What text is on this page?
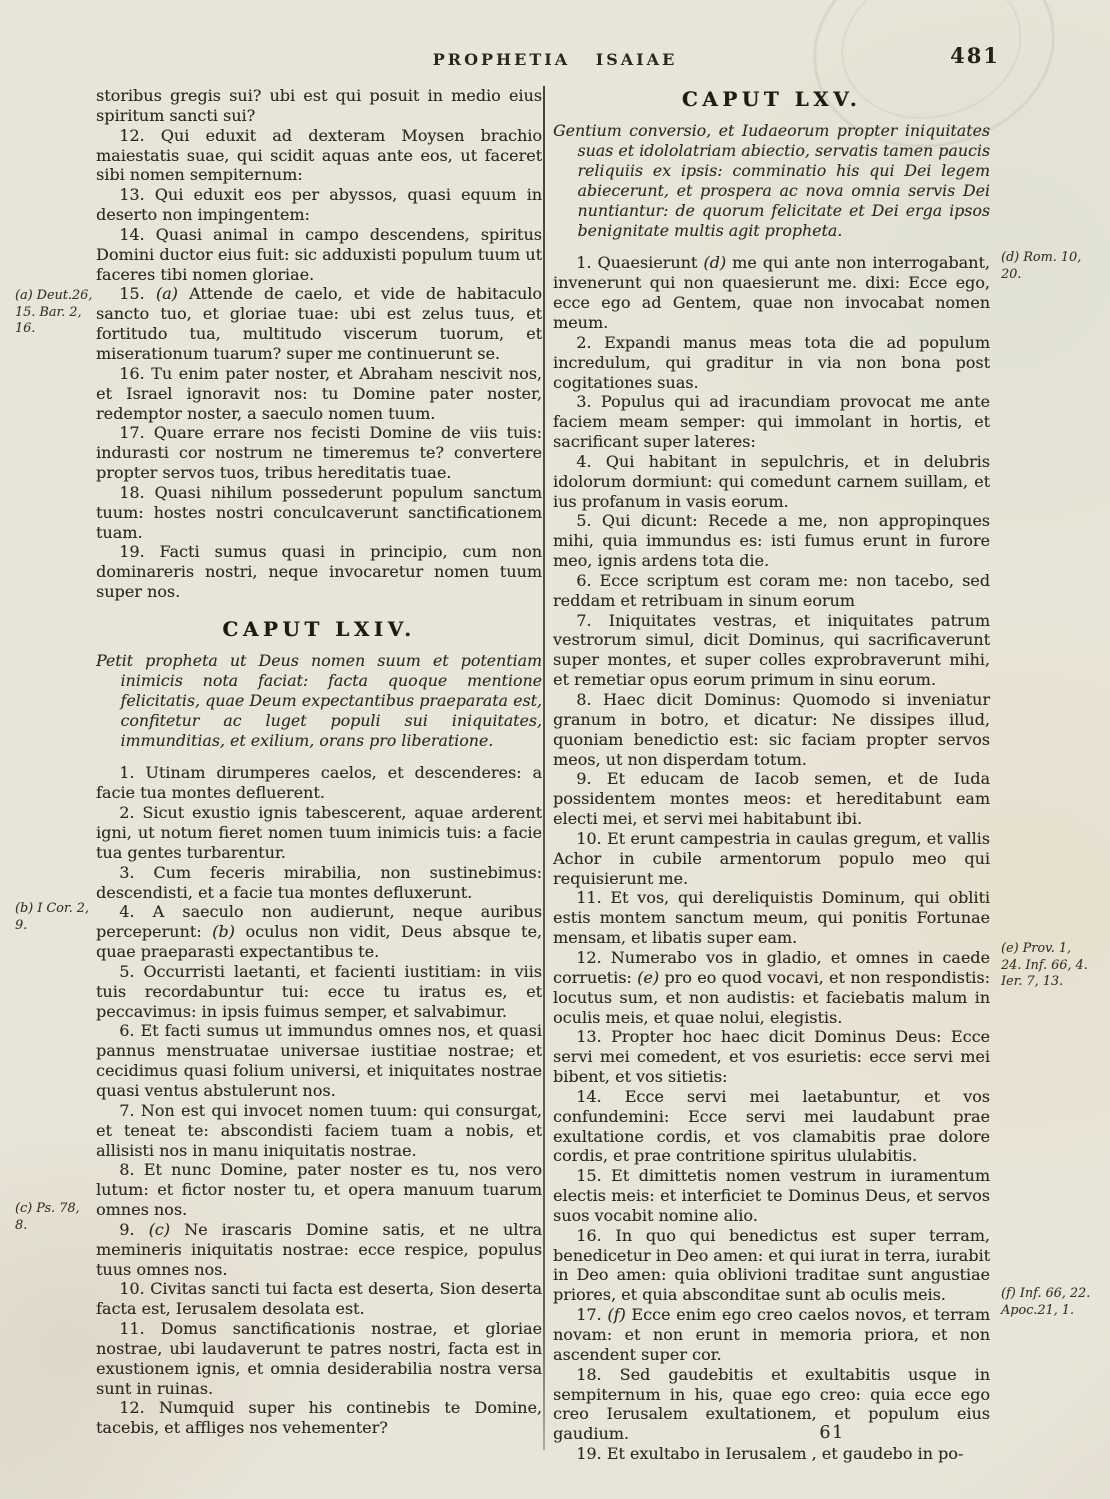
PROPHETIA ISAIAE	481

storibus gregis sui? ubi est qui posuit in medio eius spiritum sancti sui?

12. Qui eduxit ad dexteram Moysen brachio maiestatis suae, qui scidit aquas ante eos, ut faceret sibi nomen sempiternum:

13. Qui eduxit eos per abyssos, quasi equum in deserto non impingentem:

14. Quasi animal in campo descendens, spiritus Domini ductor eius fuit: sic adduxisti populum tuum ut faceres tibi nomen gloriae.

15. (a) Attende de caelo, et vide de habitaculo sancto tuo, et gloriae tuae: ubi est zelus tuus, et fortitudo tua, multitudo viscerum tuorum, et miserationum tuarum? super me continuerunt se.

16. Tu enim pater noster, et Abraham nescivit nos, et Israel ignoravit nos: tu Domine pater noster, redemptor noster, a saeculo nomen tuum.

17. Quare errare nos fecisti Domine de viis tuis: indurasti cor nostrum ne timeremus te? convertere propter servos tuos, tribus hereditatis tuae.

18. Quasi nihilum possederunt populum sanctum tuum: hostes nostri conculcaverunt sanctificationem tuam.

19. Facti sumus quasi in principio, cum non dominareris nostri, neque invocaretur nomen tuum super nos.

CAPUT LXIV.

Petit propheta ut Deus nomen suum et potentiam inimicis nota faciat: facta quoque mentione felicitatis, quae Deum expectantibus praeparata est, confitetur ac luget populi sui iniquitates, immunditias, et exilium, orans pro liberatione.

1. Utinam dirumperes caelos, et descenderes: a facie tua montes defluerent.

2. Sicut exustio ignis tabescerent, aquae arderent igni, ut notum fieret nomen tuum inimicis tuis: a facie tua gentes turbarentur.

3. Cum feceris mirabilia, non sustinebimus: descendisti, et a facie tua montes defluxerunt.

4. A saeculo non audierunt, neque auribus perceperunt: (b) oculus non vidit, Deus absque te, quae praeparasti expectantibus te.

5. Occurristi laetanti, et facienti iustitiam: in viis tuis recordabuntur tui: ecce tu iratus es, et peccavimus: in ipsis fuimus semper, et salvabimur.

6. Et facti sumus ut immundus omnes nos, et quasi pannus menstruatae universae iustitiae nostrae; et cecidimus quasi folium universi, et iniquitates nostrae quasi ventus abstulerunt nos.

7. Non est qui invocet nomen tuum: qui consurgat, et teneat te: abscondisti faciem tuam a nobis, et allisisti nos in manu iniquitatis nostrae.

8. Et nunc Domine, pater noster es tu, nos vero lutum: et fictor noster tu, et opera manuum tuarum omnes nos.

9. (c) Ne irascaris Domine satis, et ne ultra memineris iniquitatis nostrae: ecce respice, populus tuus omnes nos.

10. Civitas sancti tui facta est deserta, Sion deserta facta est, Ierusalem desolata est.

11. Domus sanctificationis nostrae, et gloriae nostrae, ubi laudaverunt te patres nostri, facta est in exustionem ignis, et omnia desiderabilia nostra versa sunt in ruinas.

12. Numquid super his continebis te Domine, tacebis, et affliges nos vehementer?

CAPUT LXV.

Gentium conversio, et Iudaeorum propter iniquitates suas et idololatriam abiectio, servatis tamen paucis reliquiis ex ipsis: comminatio his qui Dei legem abiecerunt, et prospera ac nova omnia servis Dei nuntiantur: de quorum felicitate et Dei erga ipsos benignitate multis agit propheta.

1. Quaesierunt (d) me qui ante non interrogabant, invenerunt qui non quaesierunt me. dixi: Ecce ego, ecce ego ad Gentem, quae non invocabat nomen meum.

2. Expandi manus meas tota die ad populum incredulum, qui graditur in via non bona post cogitationes suas.

3. Populus qui ad iracundiam provocat me ante faciem meam semper: qui immolant in hortis, et sacrificant super lateres:

4. Qui habitant in sepulchris, et in delubris idolorum dormiunt: qui comedunt carnem suillam, et ius profanum in vasis eorum.

5. Qui dicunt: Recede a me, non appropinques mihi, quia immundus es: isti fumus erunt in furore meo, ignis ardens tota die.

6. Ecce scriptum est coram me: non tacebo, sed reddam et retribuam in sinum eorum

7. Iniquitates vestras, et iniquitates patrum vestrorum simul, dicit Dominus, qui sacrificaverunt super montes, et super colles exprobraverunt mihi, et remetiar opus eorum primum in sinu eorum.

8. Haec dicit Dominus: Quomodo si inveniatur granum in botro, et dicatur: Ne dissipes illud, quoniam benedictio est: sic faciam propter servos meos, ut non disperdam totum.

9. Et educam de Iacob semen, et de Iuda possidentem montes meos: et hereditabunt eam electi mei, et servi mei habitabunt ibi.

10. Et erunt campestria in caulas gregum, et vallis Achor in cubile armentorum populo meo qui requisierunt me.

11. Et vos, qui dereliquistis Dominum, qui obliti estis montem sanctum meum, qui ponitis Fortunae mensam, et libatis super eam.

12. Numerabo vos in gladio, et omnes in caede corruetis: (e) pro eo quod vocavi, et non respondistis: locutus sum, et non audistis: et faciebatis malum in oculis meis, et quae nolui, elegistis.

13. Propter hoc haec dicit Dominus Deus: Ecce servi mei comedent, et vos esurietis: ecce servi mei bibent, et vos sitietis:

14. Ecce servi mei laetabuntur, et vos confundemini: Ecce servi mei laudabunt prae exultatione cordis, et vos clamabitis prae dolore cordis, et prae contritione spiritus ululabitis.

15. Et dimittetis nomen vestrum in iuramentum electis meis: et interficiet te Dominus Deus, et servos suos vocabit nomine alio.

16. In quo qui benedictus est super terram, benedicetur in Deo amen: et qui iurat in terra, iurabit in Deo amen: quia oblivioni traditae sunt angustiae priores, et quia absconditae sunt ab oculis meis.

17. (f) Ecce enim ego creo caelos novos, et terram novam: et non erunt in memoria priora, et non ascendent super cor.

18. Sed gaudebitis et exultabitis usque in sempiternum in his, quae ego creo: quia ecce ego creo Ierusalem exultationem, et populum eius gaudium.

19. Et exultabo in Ierusalem , et gaudebo in po-

(a) Deut.26, 15. Bar. 2, 16.
(b) I Cor. 2, 9.
(c) Ps. 78, 8.
(d) Rom. 10, 20.
(e) Prov. 1, 24. Inf. 66, 4. Ier. 7, 13.
(f) Inf. 66, 22. Apoc.21, 1.
61
